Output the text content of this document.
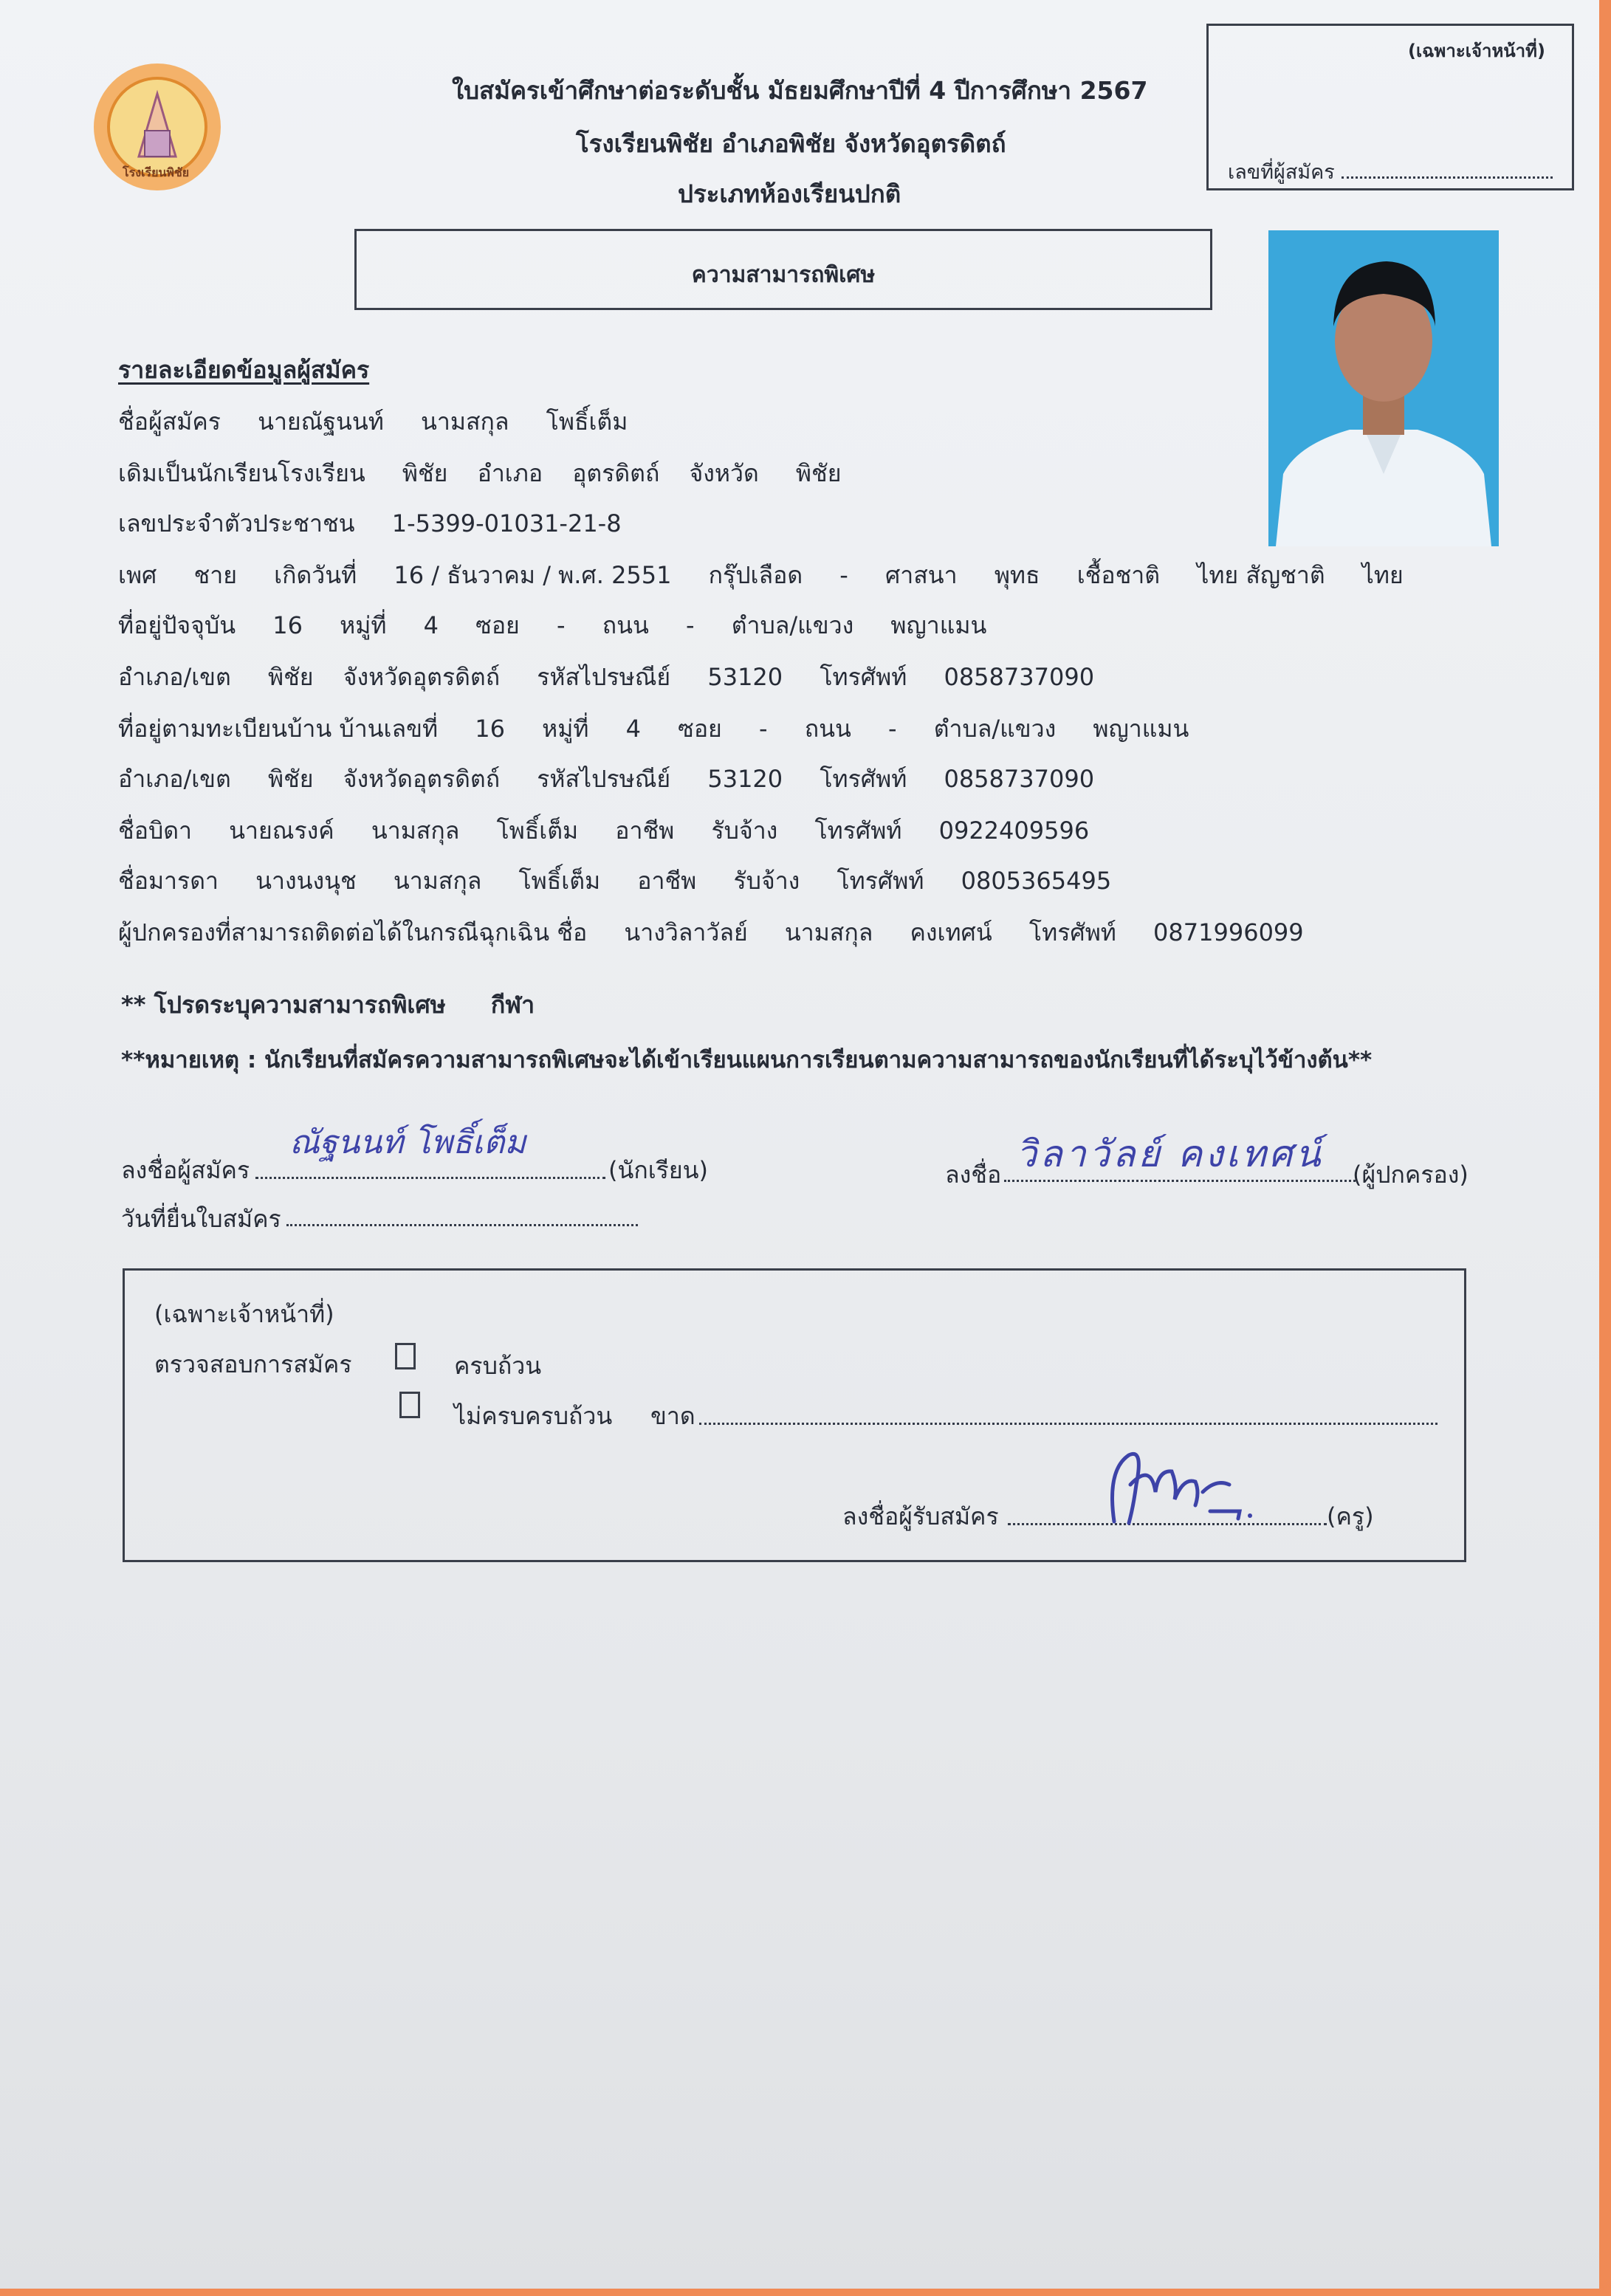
โรงเรียนพิชัย
ใบสมัครเข้าศึกษาต่อระดับชั้น มัธยมศึกษาปีที่ 4 ปีการศึกษา 2567
โรงเรียนพิชัย อำเภอพิชัย จังหวัดอุตรดิตถ์
ประเภทห้องเรียนปกติ
(เฉพาะเจ้าหน้าที่)
เลขที่ผู้สมัคร
ความสามารถพิเศษ
รายละเอียดข้อมูลผู้สมัคร
ชื่อผู้สมัคร นายณัฐนนท์ นามสกุล โพธิ์เต็ม
เดิมเป็นนักเรียนโรงเรียน พิชัย อำเภอ อุตรดิตถ์ จังหวัด พิชัย
เลขประจำตัวประชาชน 1-5399-01031-21-8
เพศ ชาย เกิดวันที่ 16 / ธันวาคม / พ.ศ. 2551 กรุ๊ปเลือด - ศาสนา พุทธ เชื้อชาติ ไทย สัญชาติ ไทย
ที่อยู่ปัจจุบัน 16 หมู่ที่ 4 ซอย - ถนน - ตำบล/แขวง พญาแมน
อำเภอ/เขต พิชัย จังหวัดอุตรดิตถ์ รหัสไปรษณีย์ 53120 โทรศัพท์ 0858737090
ที่อยู่ตามทะเบียนบ้าน บ้านเลขที่ 16 หมู่ที่ 4 ซอย - ถนน - ตำบล/แขวง พญาแมน
อำเภอ/เขต พิชัย จังหวัดอุตรดิตถ์ รหัสไปรษณีย์ 53120 โทรศัพท์ 0858737090
ชื่อบิดา นายณรงค์ นามสกุล โพธิ์เต็ม อาชีพ รับจ้าง โทรศัพท์ 0922409596
ชื่อมารดา นางนงนุช นามสกุล โพธิ์เต็ม อาชีพ รับจ้าง โทรศัพท์ 0805365495
ผู้ปกครองที่สามารถติดต่อได้ในกรณีฉุกเฉิน ชื่อ นางวิลาวัลย์ นามสกุล คงเทศน์ โทรศัพท์ 0871996099
** โปรดระบุความสามารถพิเศษ กีฬา
**หมายเหตุ : นักเรียนที่สมัครความสามารถพิเศษจะได้เข้าเรียนแผนการเรียนตามความสามารถของนักเรียนที่ได้ระบุไว้ข้างต้น**
ลงชื่อผู้สมัคร
ณัฐนนท์ โพธิ์เต็ม
(นักเรียน)	ลงชื่อ วิลาวัลย์ คงเทศน์ (ผู้ปกครอง)
วันที่ยื่นใบสมัคร
(เฉพาะเจ้าหน้าที่)
ตรวจสอบการสมัคร	ครบถ้วน
ไม่ครบครบถ้วน ขาด
ลงชื่อผู้รับสมัคร	(ครู)
